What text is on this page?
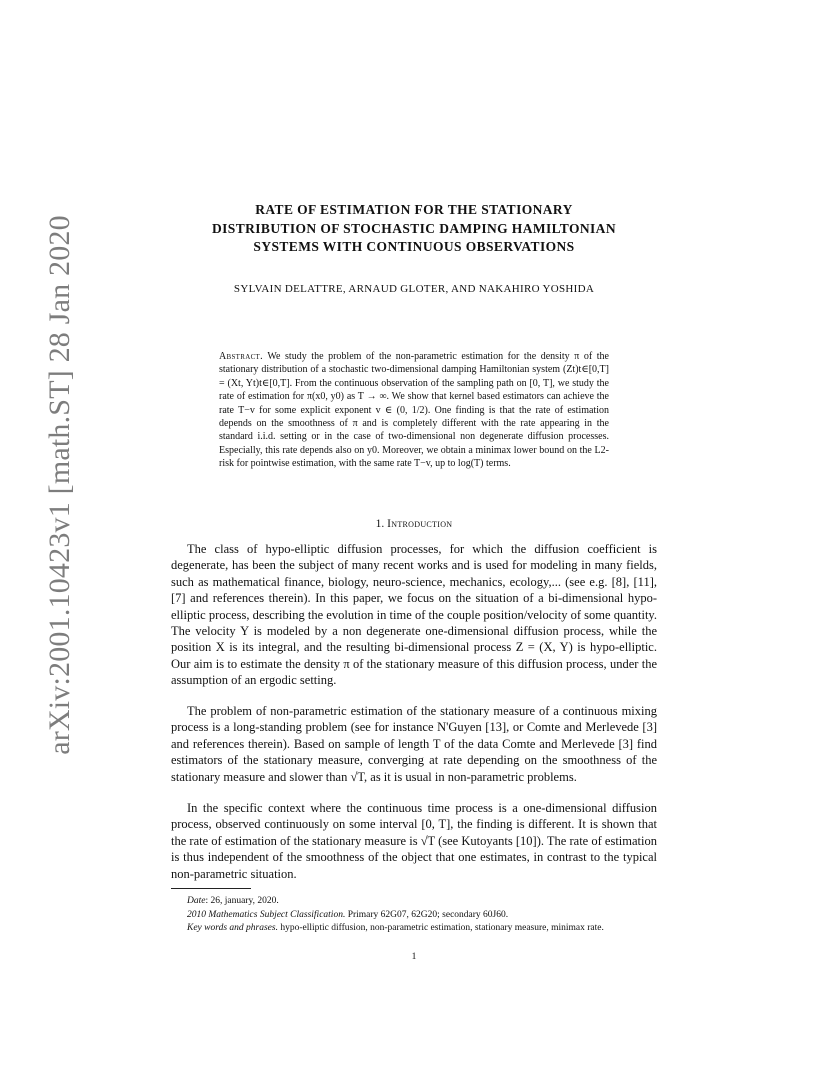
arXiv:2001.10423v1 [math.ST] 28 Jan 2020
RATE OF ESTIMATION FOR THE STATIONARY
DISTRIBUTION OF STOCHASTIC DAMPING HAMILTONIAN
SYSTEMS WITH CONTINUOUS OBSERVATIONS
SYLVAIN DELATTRE, ARNAUD GLOTER, AND NAKAHIRO YOSHIDA
Abstract. We study the problem of the non-parametric estimation for the density π of the stationary distribution of a stochastic two-dimensional damping Hamiltonian system (Zt)t∈[0,T] = (Xt, Yt)t∈[0,T]. From the continuous observation of the sampling path on [0, T], we study the rate of estimation for π(x0, y0) as T → ∞. We show that kernel based estimators can achieve the rate T−v for some explicit exponent v ∈ (0, 1/2). One finding is that the rate of estimation depends on the smoothness of π and is completely different with the rate appearing in the standard i.i.d. setting or in the case of two-dimensional non degenerate diffusion processes. Especially, this rate depends also on y0. Moreover, we obtain a minimax lower bound on the L2-risk for pointwise estimation, with the same rate T−v, up to log(T) terms.
1. Introduction

The class of hypo-elliptic diffusion processes, for which the diffusion coefficient is degenerate, has been the subject of many recent works and is used for modeling in many fields, such as mathematical finance, biology, neuro-science, mechanics, ecology,... (see e.g. [8], [11], [7] and references therein). In this paper, we focus on the situation of a bi-dimensional hypo-elliptic process, describing the evolution in time of the couple position/velocity of some quantity. The velocity Y is modeled by a non degenerate one-dimensional diffusion process, while the position X is its integral, and the resulting bi-dimensional process Z = (X, Y) is hypo-elliptic. Our aim is to estimate the density π of the stationary measure of this diffusion process, under the assumption of an ergodic setting.

The problem of non-parametric estimation of the stationary measure of a continuous mixing process is a long-standing problem (see for instance N'Guyen [13], or Comte and Merlevede [3] and references therein). Based on sample of length T of the data Comte and Merlevede [3] find estimators of the stationary measure, converging at rate depending on the smoothness of the stationary measure and slower than √T, as it is usual in non-parametric problems.

In the specific context where the continuous time process is a one-dimensional diffusion process, observed continuously on some interval [0, T], the finding is different. It is shown that the rate of estimation of the stationary measure is √T (see Kutoyants [10]). The rate of estimation is thus independent of the smoothness of the object that one estimates, in contrast to the typical non-parametric situation.

Date: 26, january, 2020.

2010 Mathematics Subject Classification. Primary 62G07, 62G20; secondary 60J60.

Key words and phrases. hypo-elliptic diffusion, non-parametric estimation, stationary measure, minimax rate.

1
